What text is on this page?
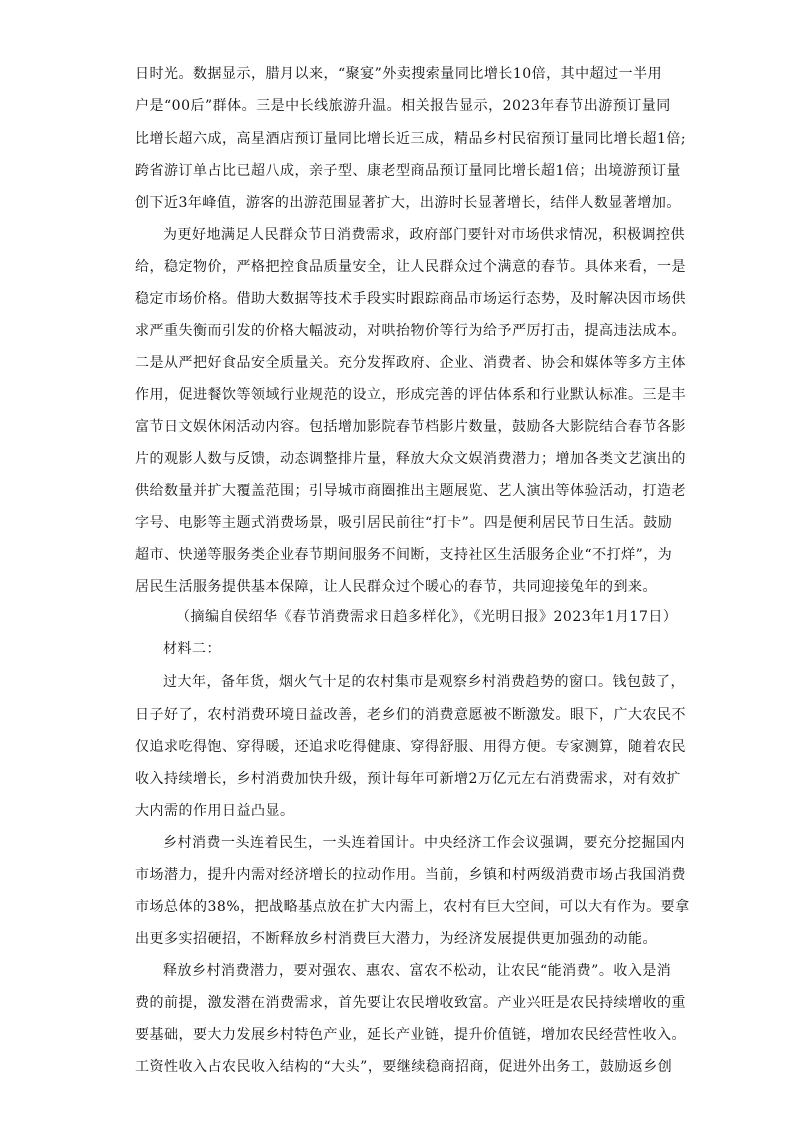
日时光。数据显示，腊月以来，“聚宴”外卖搜索量同比增长10倍，其中超过一半用
户是“00后”群体。三是中长线旅游升温。相关报告显示，2023年春节出游预订量同
比增长超六成，高星酒店预订量同比增长近三成，精品乡村民宿预订量同比增长超1倍;
跨省游订单占比已超八成，亲子型、康老型商品预订量同比增长超1倍；出境游预订量
创下近3年峰值，游客的出游范围显著扩大，出游时长显著增长，结伴人数显著增加。
为更好地满足人民群众节日消费需求，政府部门要针对市场供求情况，积极调控供
给，稳定物价，严格把控食品质量安全，让人民群众过个满意的春节。具体来看，一是
稳定市场价格。借助大数据等技术手段实时跟踪商品市场运行态势，及时解决因市场供
求严重失衡而引发的价格大幅波动，对哄抬物价等行为给予严厉打击，提高违法成本。
二是从严把好食品安全质量关。充分发挥政府、企业、消费者、协会和媒体等多方主体
作用，促进餐饮等领域行业规范的设立，形成完善的评估体系和行业默认标准。三是丰
富节日文娱休闲活动内容。包括增加影院春节档影片数量，鼓励各大影院结合春节各影
片的观影人数与反馈，动态调整排片量，释放大众文娱消费潜力；增加各类文艺演出的
供给数量并扩大覆盖范围；引导城市商圈推出主题展览、艺人演出等体验活动，打造老
字号、电影等主题式消费场景，吸引居民前往“打卡”。四是便利居民节日生活。鼓励
超市、快递等服务类企业春节期间服务不间断，支持社区生活服务企业“不打烊”，为
居民生活服务提供基本保障，让人民群众过个暖心的春节，共同迎接兔年的到来。
（摘编自侯绍华《春节消费需求日趋多样化》，《光明日报》2023年1月17日）
材料二：
过大年，备年货，烟火气十足的农村集市是观察乡村消费趋势的窗口。钱包鼓了，
日子好了，农村消费环境日益改善，老乡们的消费意愿被不断激发。眼下，广大农民不
仅追求吃得饱、穿得暖，还追求吃得健康、穿得舒服、用得方便。专家测算，随着农民
收入持续增长，乡村消费加快升级，预计每年可新增2万亿元左右消费需求，对有效扩
大内需的作用日益凸显。
乡村消费一头连着民生，一头连着国计。中央经济工作会议强调，要充分挖掘国内
市场潜力，提升内需对经济增长的拉动作用。当前，乡镇和村两级消费市场占我国消费
市场总体的38%，把战略基点放在扩大内需上，农村有巨大空间，可以大有作为。要拿
出更多实招硬招，不断释放乡村消费巨大潜力，为经济发展提供更加强劲的动能。
释放乡村消费潜力，要对强农、惠农、富农不松动，让农民“能消费”。收入是消
费的前提，激发潜在消费需求，首先要让农民增收致富。产业兴旺是农民持续增收的重
要基础，要大力发展乡村特色产业，延长产业链，提升价值链，增加农民经营性收入。
工资性收入占农民收入结构的“大头”，要继续稳商招商，促进外出务工，鼓励返乡创
